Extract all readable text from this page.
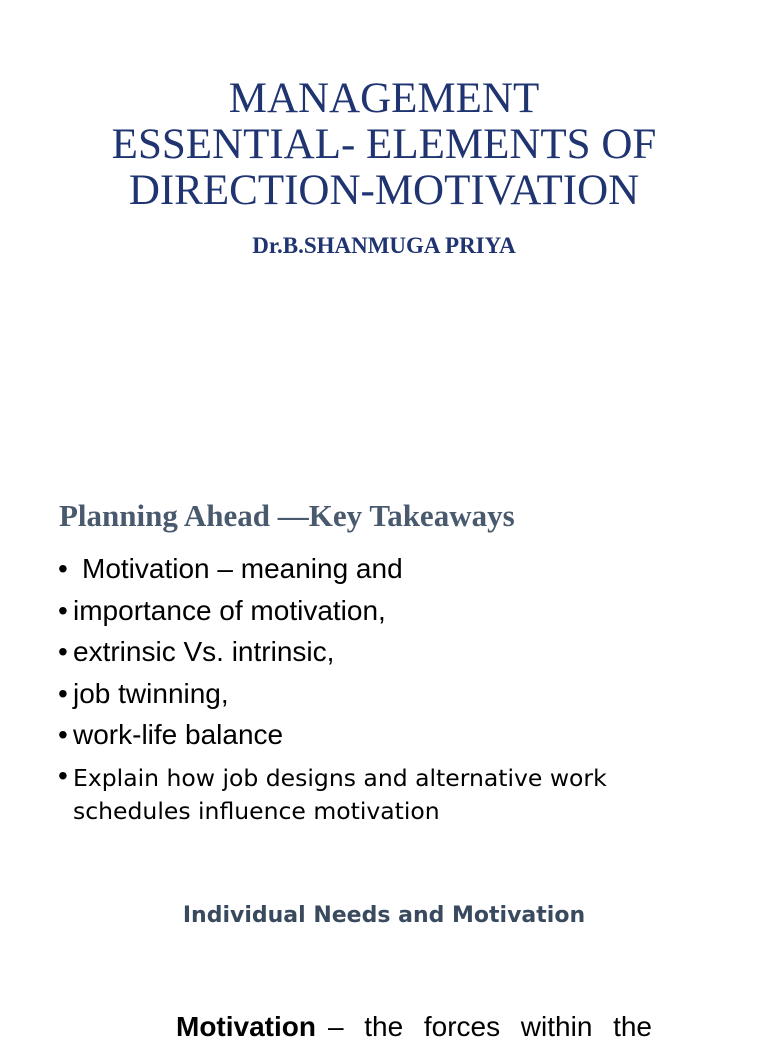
MANAGEMENT
ESSENTIAL- ELEMENTS OF
DIRECTION-MOTIVATION
Dr.B.SHANMUGA PRIYA
Planning Ahead —Key Takeaways
• Motivation – meaning and
• importance of motivation,
• extrinsic Vs. intrinsic,
• job twinning,
• work-life balance
• Explain how job designs and alternative work schedules influence motivation
Individual Needs and Motivation
Motivation – the forces within the
